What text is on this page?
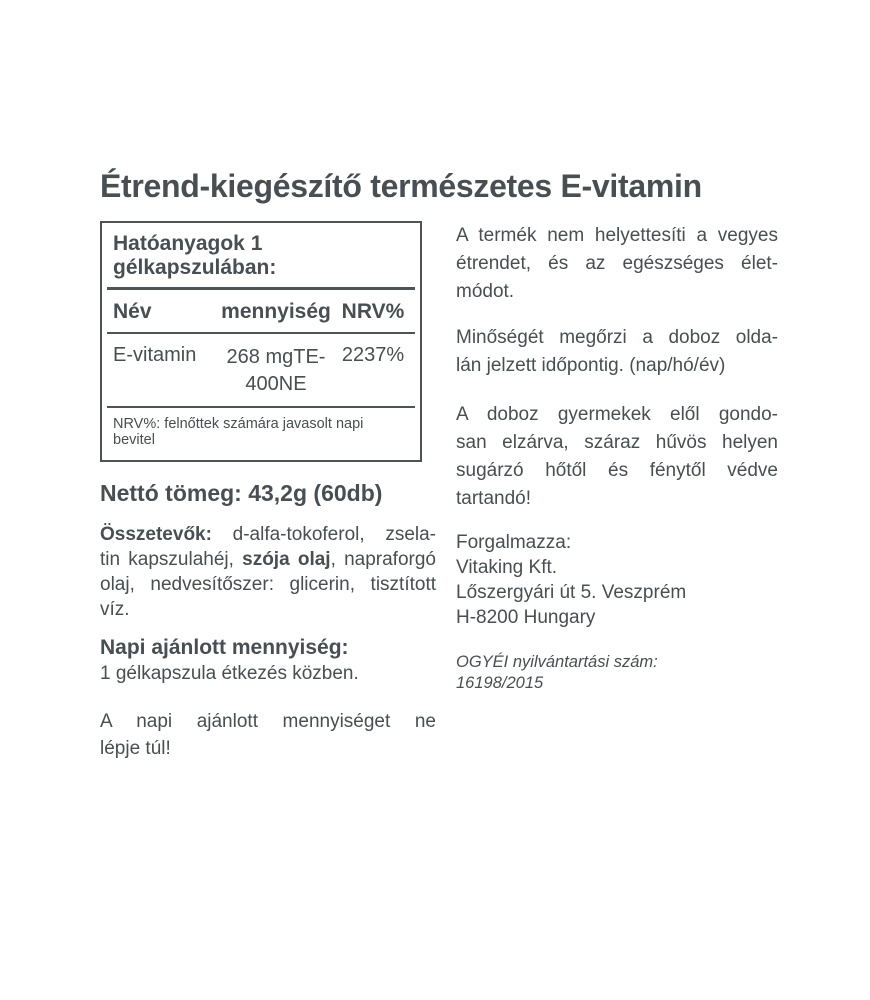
Étrend-kiegészítő természetes E-vitamin
Hatóanyagok 1 gélkapszulában:
Név	mennyiség NRV%
E-vitamin	268 mgTE-
400NE
2237%
NRV%: felnőttek számára javasolt napi bevitel
Nettó tömeg: 43,2g (60db)
Összetevők: d-alfa-tokoferol, zsela-
tin kapszulahéj, szója olaj, napraforgó
olaj, nedvesítőszer: glicerin, tisztított
víz.
Napi ajánlott mennyiség:
1 gélkapszula étkezés közben.
A napi ajánlott mennyiséget ne
lépje túl!
A termék nem helyettesíti a vegyes
étrendet, és az egészséges élet-
módot.
Minőségét megőrzi a doboz olda-
lán jelzett időpontig. (nap/hó/év)
A doboz gyermekek elől gondo-
san elzárva, száraz hűvös helyen
sugárzó hőtől és fénytől védve
tartandó!
Forgalmazza:
Vitaking Kft.
Lőszergyári út 5. Veszprém
H-8200 Hungary
OGYÉI nyilvántartási szám:
16198/2015
